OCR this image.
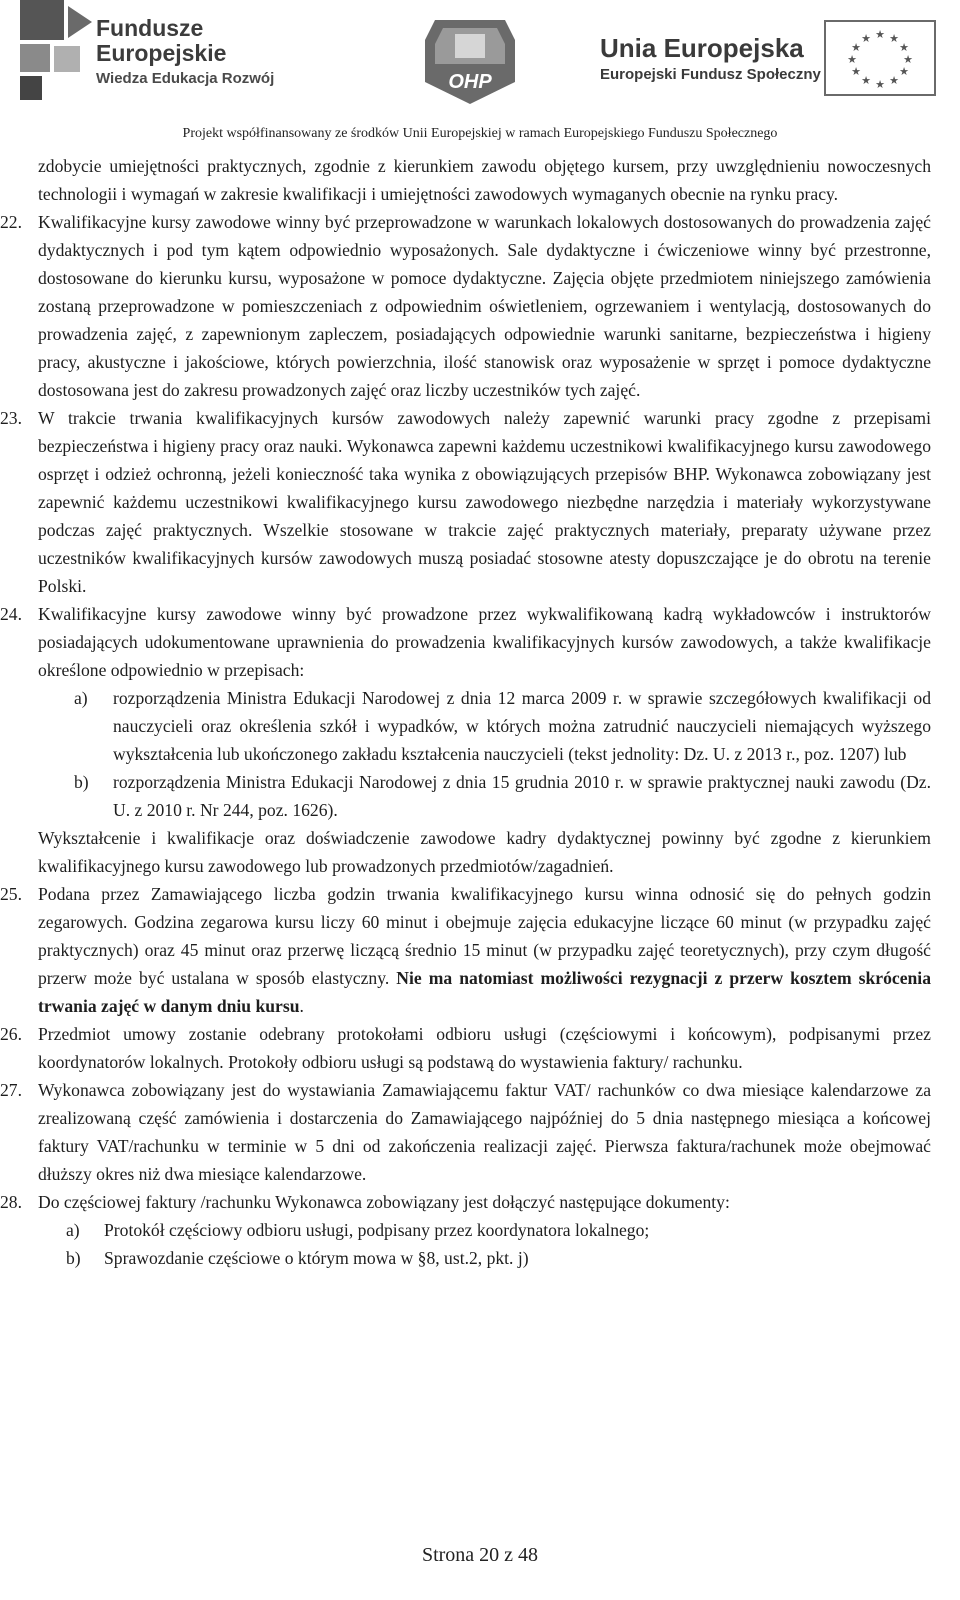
Fundusze
Europejskie
Wiedza Edukacja Rozwój	OHP
Unia Europejska
Europejski Fundusz Społeczny
★ ★
★
★
★
★
★
★
★
★
★
★
Projekt współfinansowany ze środków Unii Europejskiej w ramach Europejskiego Funduszu Społecznego

zdobycie umiejętności praktycznych, zgodnie z kierunkiem zawodu objętego kursem, przy uwzględnieniu nowoczesnych technologii i wymagań w zakresie kwalifikacji i umiejętności zawodowych wymaganych obecnie na rynku pracy.

22. Kwalifikacyjne kursy zawodowe winny być przeprowadzone w warunkach lokalowych dostosowanych do prowadzenia zajęć dydaktycznych i pod tym kątem odpowiednio wyposażonych. Sale dydaktyczne i ćwiczeniowe winny być przestronne, dostosowane do kierunku kursu, wyposażone w pomoce dydaktyczne. Zajęcia objęte przedmiotem niniejszego zamówienia zostaną przeprowadzone w pomieszczeniach z odpowiednim oświetleniem, ogrzewaniem i wentylacją, dostosowanych do prowadzenia zajęć, z zapewnionym zapleczem, posiadających odpowiednie warunki sanitarne, bezpieczeństwa i higieny pracy, akustyczne i jakościowe, których powierzchnia, ilość stanowisk oraz wyposażenie w sprzęt i pomoce dydaktyczne dostosowana jest do zakresu prowadzonych zajęć oraz liczby uczestników tych zajęć.

23. W trakcie trwania kwalifikacyjnych kursów zawodowych należy zapewnić warunki pracy zgodne z przepisami bezpieczeństwa i higieny pracy oraz nauki. Wykonawca zapewni każdemu uczestnikowi kwalifikacyjnego kursu zawodowego osprzęt i odzież ochronną, jeżeli konieczność taka wynika z obowiązujących przepisów BHP. Wykonawca zobowiązany jest zapewnić każdemu uczestnikowi kwalifikacyjnego kursu zawodowego niezbędne narzędzia i materiały wykorzystywane podczas zajęć praktycznych. Wszelkie stosowane w trakcie zajęć praktycznych materiały, preparaty używane przez uczestników kwalifikacyjnych kursów zawodowych muszą posiadać stosowne atesty dopuszczające je do obrotu na terenie Polski.

24. Kwalifikacyjne kursy zawodowe winny być prowadzone przez wykwalifikowaną kadrą wykładowców i instruktorów posiadających udokumentowane uprawnienia do prowadzenia kwalifikacyjnych kursów zawodowych, a także kwalifikacje określone odpowiednio w przepisach:

a) rozporządzenia Ministra Edukacji Narodowej z dnia 12 marca 2009 r. w sprawie szczegółowych kwalifikacji od nauczycieli oraz określenia szkół i wypadków, w których można zatrudnić nauczycieli niemających wyższego wykształcenia lub ukończonego zakładu kształcenia nauczycieli (tekst jednolity: Dz. U. z 2013 r., poz. 1207) lub

b) rozporządzenia Ministra Edukacji Narodowej z dnia 15 grudnia 2010 r. w sprawie praktycznej nauki zawodu (Dz. U. z 2010 r. Nr 244, poz. 1626).

Wykształcenie i kwalifikacje oraz doświadczenie zawodowe kadry dydaktycznej powinny być zgodne z kierunkiem kwalifikacyjnego kursu zawodowego lub prowadzonych przedmiotów/zagadnień.

25. Podana przez Zamawiającego liczba godzin trwania kwalifikacyjnego kursu winna odnosić się do pełnych godzin zegarowych. Godzina zegarowa kursu liczy 60 minut i obejmuje zajęcia edukacyjne liczące 60 minut (w przypadku zajęć praktycznych) oraz 45 minut oraz przerwę liczącą średnio 15 minut (w przypadku zajęć teoretycznych), przy czym długość przerw może być ustalana w sposób elastyczny. Nie ma natomiast możliwości rezygnacji z przerw kosztem skrócenia trwania zajęć w danym dniu kursu.

26. Przedmiot umowy zostanie odebrany protokołami odbioru usługi (częściowymi i końcowym), podpisanymi przez koordynatorów lokalnych. Protokoły odbioru usługi są podstawą do wystawienia faktury/ rachunku.

27. Wykonawca zobowiązany jest do wystawiania Zamawiającemu faktur VAT/ rachunków co dwa miesiące kalendarzowe za zrealizowaną część zamówienia i dostarczenia do Zamawiającego najpóźniej do 5 dnia następnego miesiąca a końcowej faktury VAT/rachunku w terminie w 5 dni od zakończenia realizacji zajęć. Pierwsza faktura/rachunek może obejmować dłuższy okres niż dwa miesiące kalendarzowe.

28. Do częściowej faktury /rachunku Wykonawca zobowiązany jest dołączyć następujące dokumenty:

a) Protokół częściowy odbioru usługi, podpisany przez koordynatora lokalnego;

b) Sprawozdanie częściowe o którym mowa w §8, ust.2, pkt. j)

Strona 20 z 48
